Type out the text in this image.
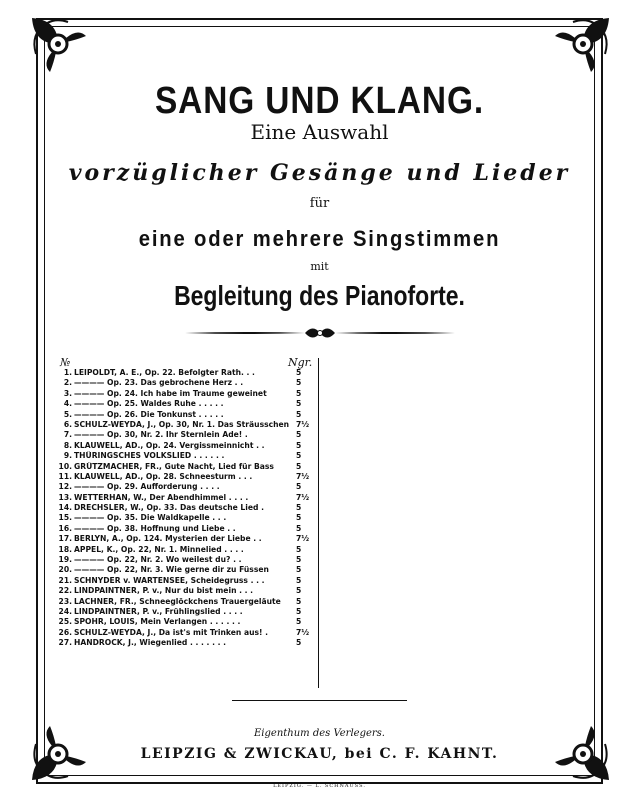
SANG UND KLANG.
Eine Auswahl
vorzüglicher Gesänge und Lieder
für
eine oder mehrere Singstimmen
mit
Begleitung des Pianoforte.
№	Ngr.
1. LEIPOLDT, A. E., Op. 22. Befolgter Rath. . .	5
2. ———— Op. 23. Das gebrochene Herz . .	5
3. ———— Op. 24. Ich habe im Traume geweinet	5
4. ———— Op. 25. Waldes Ruhe . . . . .	5
5. ———— Op. 26. Die Tonkunst . . . . .	5
6. SCHULZ-WEYDA, J., Op. 30, Nr. 1. Das Sträusschen 7½
7. ———— Op. 30, Nr. 2. Ihr Sternlein Ade! .	5
8. KLAUWELL, AD., Op. 24. Vergissmeinnicht . .	5
9. THÜRINGSCHES VOLKSLIED . . . . . .	5
10. GRÜTZMACHER, FR., Gute Nacht, Lied für Bass	5
11. KLAUWELL, AD., Op. 28. Schneesturm . . .	7½
12. ———— Op. 29. Aufforderung . . . .	5
13. WETTERHAN, W., Der Abendhimmel . . . .	7½
14. DRECHSLER, W., Op. 33. Das deutsche Lied .	5
15. ———— Op. 35. Die Waldkapelle . . .	5
16. ———— Op. 38. Hoffnung und Liebe . .	5
17. BERLYN, A., Op. 124. Mysterien der Liebe . .	7½
18. APPEL, K., Op. 22, Nr. 1. Minnelied . . . .	5
19. ———— Op. 22, Nr. 2. Wo weilest du? . .	5
20. ———— Op. 22, Nr. 3. Wie gerne dir zu Füssen	5
21. SCHNYDER v. WARTENSEE, Scheidegruss . . .	5
22. LINDPAINTNER, P. v., Nur du bist mein . . .	5
23. LACHNER, FR., Schneeglöckchens Trauergeläute	5
24. LINDPAINTNER, P. v., Frühlingslied . . . .	5
25. SPOHR, LOUIS, Mein Verlangen . . . . . .	5
26. SCHULZ-WEYDA, J., Da ist's mit Trinken aus! .	7½
27. HANDROCK, J., Wiegenlied . . . . . . .	5
Eigenthum des Verlegers.
LEIPZIG & ZWICKAU, bei C. F. KAHNT.
LEIPZIG. — L. SCHNAUSS.
